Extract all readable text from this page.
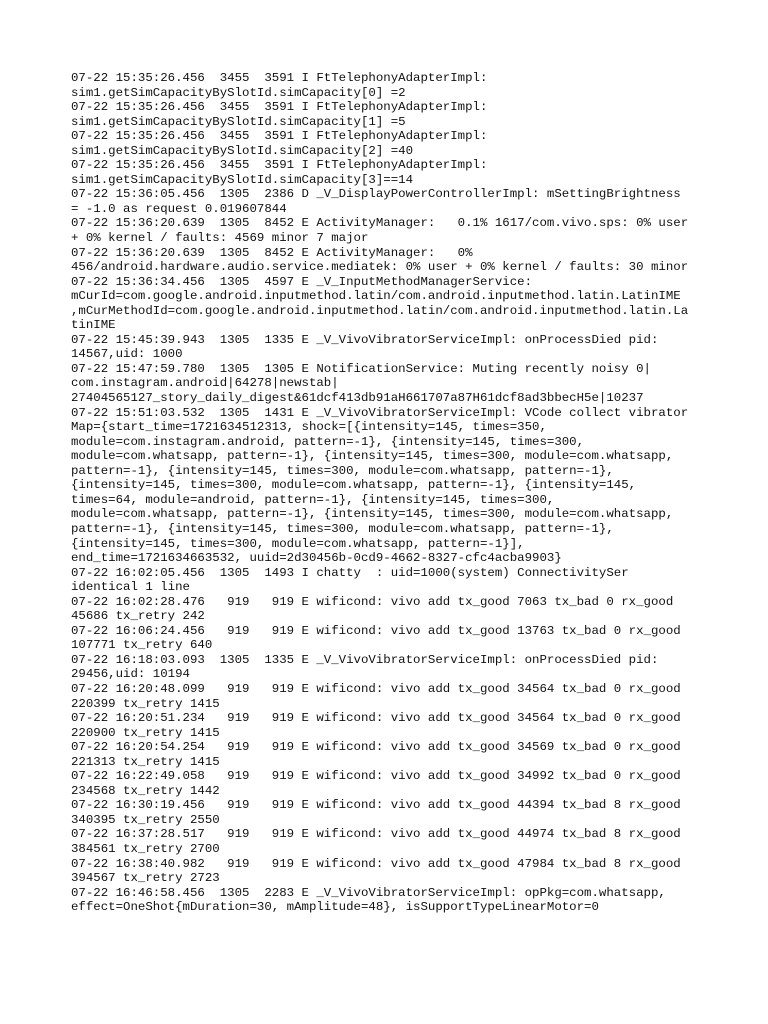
07-22 15:35:26.456  3455  3591 I FtTelephonyAdapterImpl:
sim1.getSimCapacityBySlotId.simCapacity[0] =2
07-22 15:35:26.456  3455  3591 I FtTelephonyAdapterImpl:
sim1.getSimCapacityBySlotId.simCapacity[1] =5
07-22 15:35:26.456  3455  3591 I FtTelephonyAdapterImpl:
sim1.getSimCapacityBySlotId.simCapacity[2] =40
07-22 15:35:26.456  3455  3591 I FtTelephonyAdapterImpl:
sim1.getSimCapacityBySlotId.simCapacity[3]==14
07-22 15:36:05.456  1305  2386 D _V_DisplayPowerControllerImpl: mSettingBrightness
= -1.0 as request 0.019607844
07-22 15:36:20.639  1305  8452 E ActivityManager:   0.1% 1617/com.vivo.sps: 0% user
+ 0% kernel / faults: 4569 minor 7 major
07-22 15:36:20.639  1305  8452 E ActivityManager:   0%
456/android.hardware.audio.service.mediatek: 0% user + 0% kernel / faults: 30 minor
07-22 15:36:34.456  1305  4597 E _V_InputMethodManagerService:
mCurId=com.google.android.inputmethod.latin/com.android.inputmethod.latin.LatinIME
,mCurMethodId=com.google.android.inputmethod.latin/com.android.inputmethod.latin.La
tinIME
07-22 15:45:39.943  1305  1335 E _V_VivoVibratorServiceImpl: onProcessDied pid:
14567,uid: 1000
07-22 15:47:59.780  1305  1305 E NotificationService: Muting recently noisy 0|
com.instagram.android|64278|newstab|
27404565127_story_daily_digest&61dcf413db91aH661707a87H61dcf8ad3bbecH5e|10237
07-22 15:51:03.532  1305  1431 E _V_VivoVibratorServiceImpl: VCode collect vibrator
Map={start_time=1721634512313, shock=[{intensity=145, times=350,
module=com.instagram.android, pattern=-1}, {intensity=145, times=300,
module=com.whatsapp, pattern=-1}, {intensity=145, times=300, module=com.whatsapp,
pattern=-1}, {intensity=145, times=300, module=com.whatsapp, pattern=-1},
{intensity=145, times=300, module=com.whatsapp, pattern=-1}, {intensity=145,
times=64, module=android, pattern=-1}, {intensity=145, times=300,
module=com.whatsapp, pattern=-1}, {intensity=145, times=300, module=com.whatsapp,
pattern=-1}, {intensity=145, times=300, module=com.whatsapp, pattern=-1},
{intensity=145, times=300, module=com.whatsapp, pattern=-1}],
end_time=1721634663532, uuid=2d30456b-0cd9-4662-8327-cfc4acba9903}
07-22 16:02:05.456  1305  1493 I chatty  : uid=1000(system) ConnectivitySer
identical 1 line
07-22 16:02:28.476   919   919 E wificond: vivo add tx_good 7063 tx_bad 0 rx_good
45686 tx_retry 242
07-22 16:06:24.456   919   919 E wificond: vivo add tx_good 13763 tx_bad 0 rx_good
107771 tx_retry 640
07-22 16:18:03.093  1305  1335 E _V_VivoVibratorServiceImpl: onProcessDied pid:
29456,uid: 10194
07-22 16:20:48.099   919   919 E wificond: vivo add tx_good 34564 tx_bad 0 rx_good
220399 tx_retry 1415
07-22 16:20:51.234   919   919 E wificond: vivo add tx_good 34564 tx_bad 0 rx_good
220900 tx_retry 1415
07-22 16:20:54.254   919   919 E wificond: vivo add tx_good 34569 tx_bad 0 rx_good
221313 tx_retry 1415
07-22 16:22:49.058   919   919 E wificond: vivo add tx_good 34992 tx_bad 0 rx_good
234568 tx_retry 1442
07-22 16:30:19.456   919   919 E wificond: vivo add tx_good 44394 tx_bad 8 rx_good
340395 tx_retry 2550
07-22 16:37:28.517   919   919 E wificond: vivo add tx_good 44974 tx_bad 8 rx_good
384561 tx_retry 2700
07-22 16:38:40.982   919   919 E wificond: vivo add tx_good 47984 tx_bad 8 rx_good
394567 tx_retry 2723
07-22 16:46:58.456  1305  2283 E _V_VivoVibratorServiceImpl: opPkg=com.whatsapp,
effect=OneShot{mDuration=30, mAmplitude=48}, isSupportTypeLinearMotor=0
